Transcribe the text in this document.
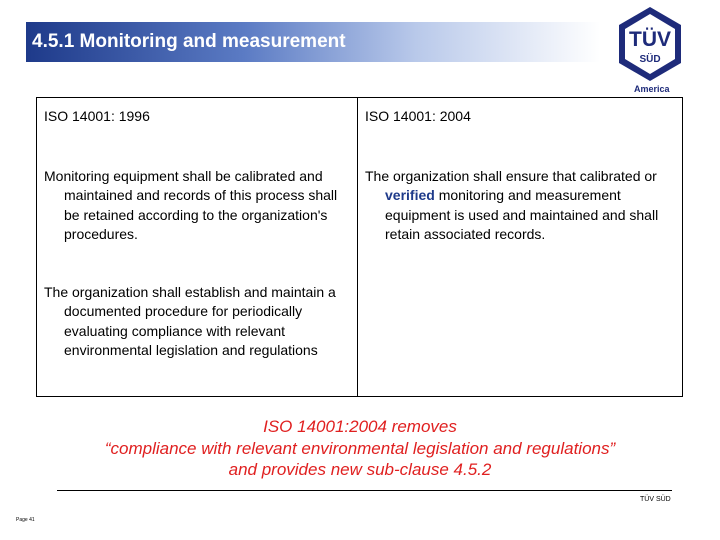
4.5.1 Monitoring and measurement	TÜV
SÜD
America
ISO 14001: 1996	ISO 14001: 2004
Monitoring equipment shall be calibrated and maintained and records of this process shall be retained according to the organization's procedures.
The organization shall ensure that calibrated or verified monitoring and measurement equipment is used and maintained and shall retain associated records.
The organization shall establish and maintain a documented procedure for periodically evaluating compliance with relevant environmental legislation and regulations
ISO 14001:2004 removes
“compliance with relevant environmental legislation and regulations”
and provides new sub-clause 4.5.2
TÜV SÜD
Page 41
